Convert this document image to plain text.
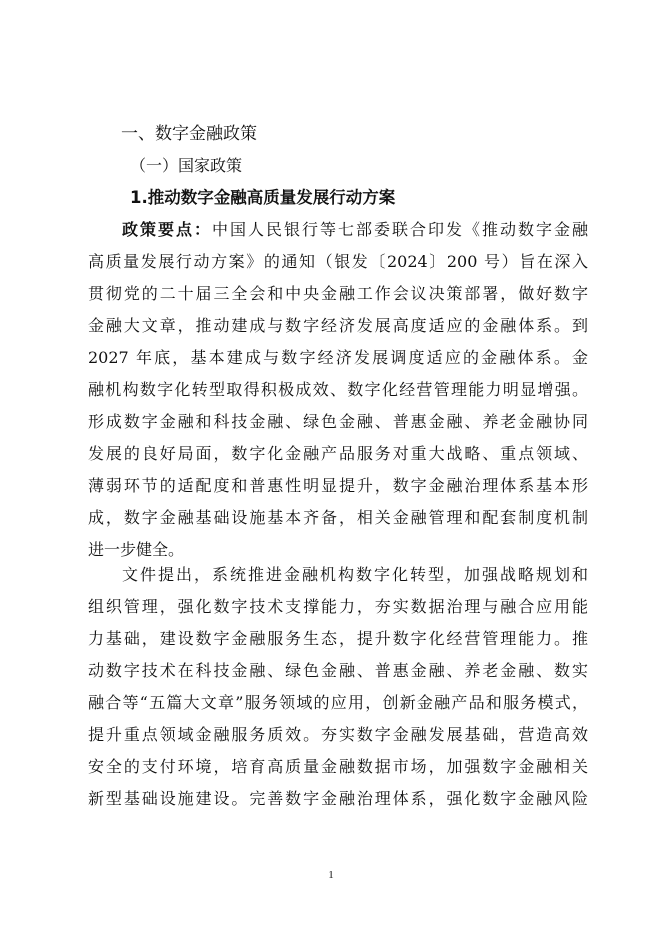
一、数字金融政策
（一）国家政策
1.推动数字金融高质量发展行动方案
政策要点：中国人民银行等七部委联合印发《推动数字金融
高质量发展行动方案》的通知（银发〔2024〕200 号）旨在深入
贯彻党的二十届三全会和中央金融工作会议决策部署，做好数字
金融大文章，推动建成与数字经济发展高度适应的金融体系。到
2027 年底，基本建成与数字经济发展调度适应的金融体系。金
融机构数字化转型取得积极成效、数字化经营管理能力明显增强。
形成数字金融和科技金融、绿色金融、普惠金融、养老金融协同
发展的良好局面，数字化金融产品服务对重大战略、重点领域、
薄弱环节的适配度和普惠性明显提升，数字金融治理体系基本形
成，数字金融基础设施基本齐备，相关金融管理和配套制度机制
进一步健全。
文件提出，系统推进金融机构数字化转型，加强战略规划和
组织管理，强化数字技术支撑能力，夯实数据治理与融合应用能
力基础，建设数字金融服务生态，提升数字化经营管理能力。推
动数字技术在科技金融、绿色金融、普惠金融、养老金融、数实
融合等“五篇大文章”服务领域的应用，创新金融产品和服务模式，
提升重点领域金融服务质效。夯实数字金融发展基础，营造高效
安全的支付环境，培育高质量金融数据市场，加强数字金融相关
新型基础设施建设。完善数字金融治理体系，强化数字金融风险
1
